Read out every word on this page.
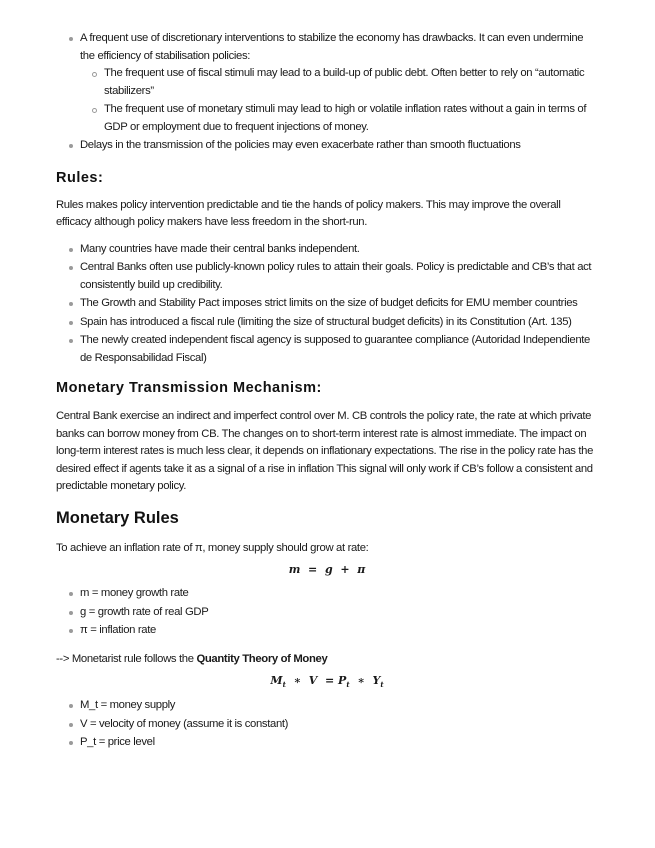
A frequent use of discretionary interventions to stabilize the economy has drawbacks. It can even undermine the efficiency of stabilisation policies:
The frequent use of fiscal stimuli may lead to a build-up of public debt. Often better to rely on “automatic stabilizers”
The frequent use of monetary stimuli may lead to high or volatile inflation rates without a gain in terms of GDP or employment due to frequent injections of money.
Delays in the transmission of the policies may even exacerbate rather than smooth fluctuations
Rules:

Rules makes policy intervention predictable and tie the hands of policy makers. This may improve the overall efficacy although policy makers have less freedom in the short-run.

Many countries have made their central banks independent.
Central Banks often use publicly-known policy rules to attain their goals. Policy is predictable and CB’s that act consistently build up credibility.
The Growth and Stability Pact imposes strict limits on the size of budget deficits for EMU member countries
Spain has introduced a fiscal rule (limiting the size of structural budget deficits) in its Constitution (Art. 135)
The newly created independent fiscal agency is supposed to guarantee compliance (Autoridad Independiente de Responsabilidad Fiscal)
Monetary Transmission Mechanism:

Central Bank exercise an indirect and imperfect control over M. CB controls the policy rate, the rate at which private banks can borrow money from CB. The changes on to short-term interest rate is almost immediate. The impact on long-term interest rates is much less clear, it depends on inflationary expectations. The rise in the policy rate has the desired effect if agents take it as a signal of a rise in inflation This signal will only work if CB’s follow a consistent and predictable monetary policy.

Monetary Rules

To achieve an inflation rate of π, money supply should grow at rate:

m = g + π
m = money growth rate
g = growth rate of real GDP
π = inflation rate

--> Monetarist rule follows the Quantity Theory of Money

$M_t$ ∗ $V = P_t$ ∗ $Y_t$
M_t = money supply
V = velocity of money (assume it is constant)
P_t = price level
